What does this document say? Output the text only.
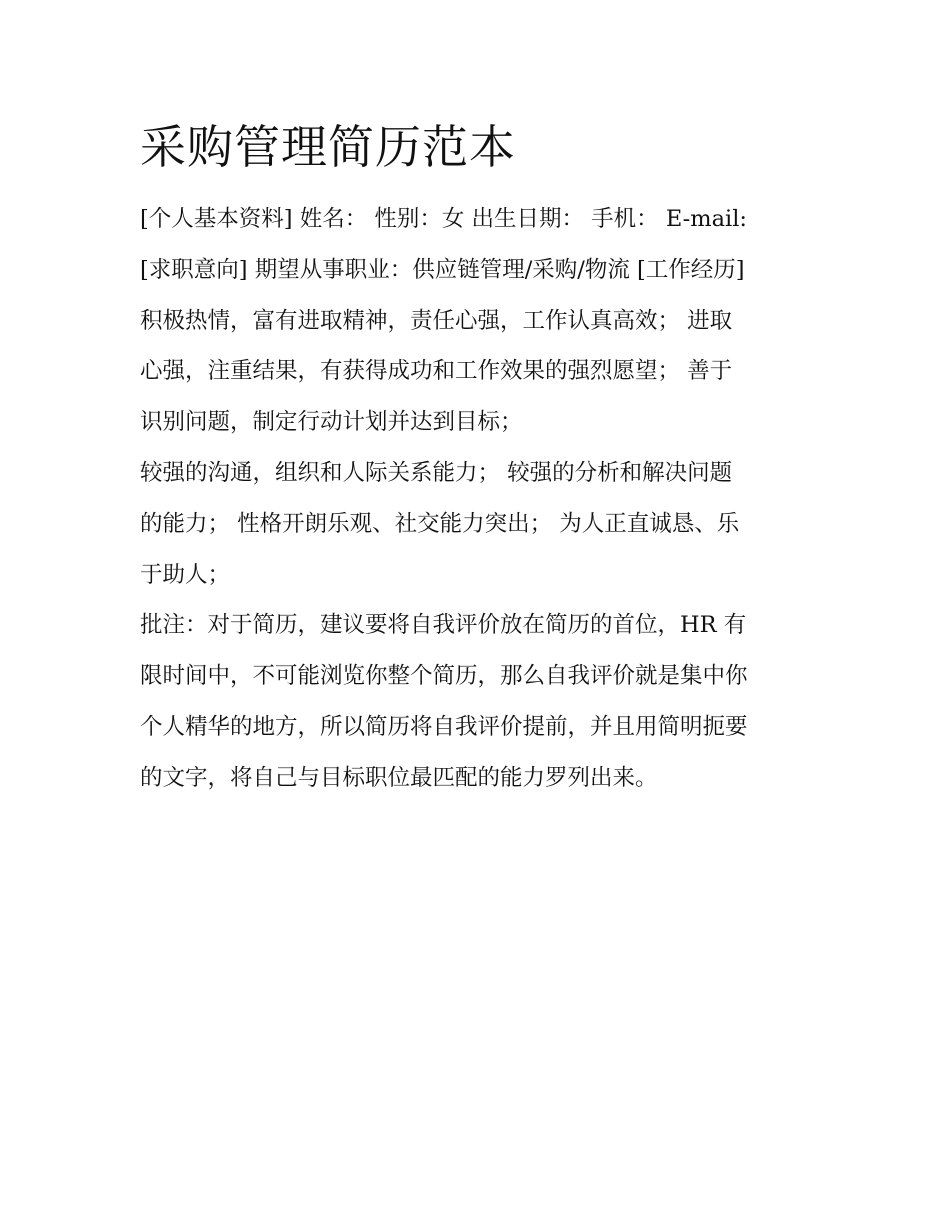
采购管理简历范本
[个人基本资料] 姓名： 性别：女 出生日期： 手机： E-mail:
[求职意向] 期望从事职业：供应链管理/采购/物流 [工作经历]
积极热情，富有进取精神，责任心强，工作认真高效； 进取
心强，注重结果，有获得成功和工作效果的强烈愿望； 善于
识别问题，制定行动计划并达到目标；
较强的沟通，组织和人际关系能力； 较强的分析和解决问题
的能力； 性格开朗乐观、社交能力突出； 为人正直诚恳、乐
于助人；
批注：对于简历，建议要将自我评价放在简历的首位，HR 有
限时间中，不可能浏览你整个简历，那么自我评价就是集中你
个人精华的地方，所以简历将自我评价提前，并且用简明扼要
的文字，将自己与目标职位最匹配的能力罗列出来。
